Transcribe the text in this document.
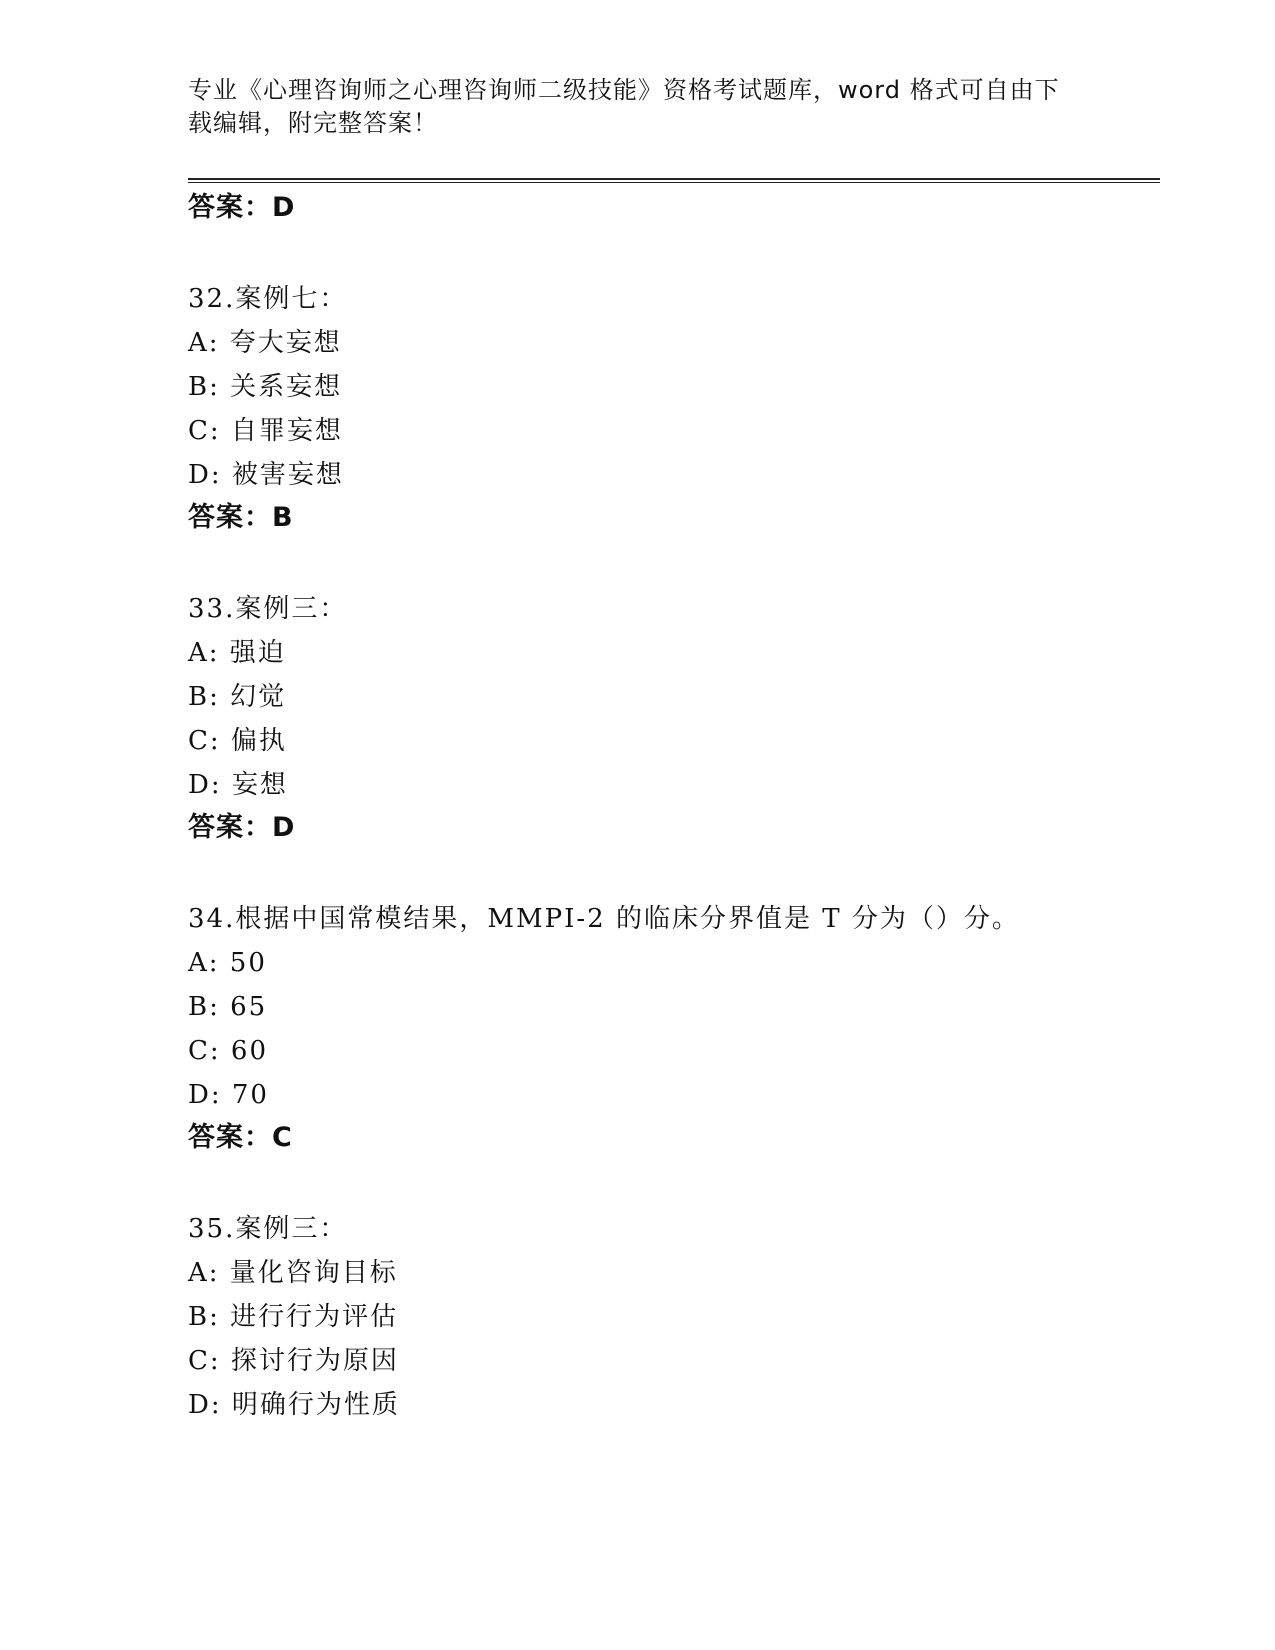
专业《心理咨询师之心理咨询师二级技能》资格考试题库，word 格式可自由下载编辑，附完整答案！
答案：D
32.案例七：
A: 夸大妄想
B: 关系妄想
C: 自罪妄想
D: 被害妄想
答案：B
33.案例三：
A: 强迫
B: 幻觉
C: 偏执
D: 妄想
答案：D
34.根据中国常模结果，MMPI-2 的临床分界值是 T 分为（）分。
A: 50
B: 65
C: 60
D: 70
答案：C
35.案例三：
A: 量化咨询目标
B: 进行行为评估
C: 探讨行为原因
D: 明确行为性质
